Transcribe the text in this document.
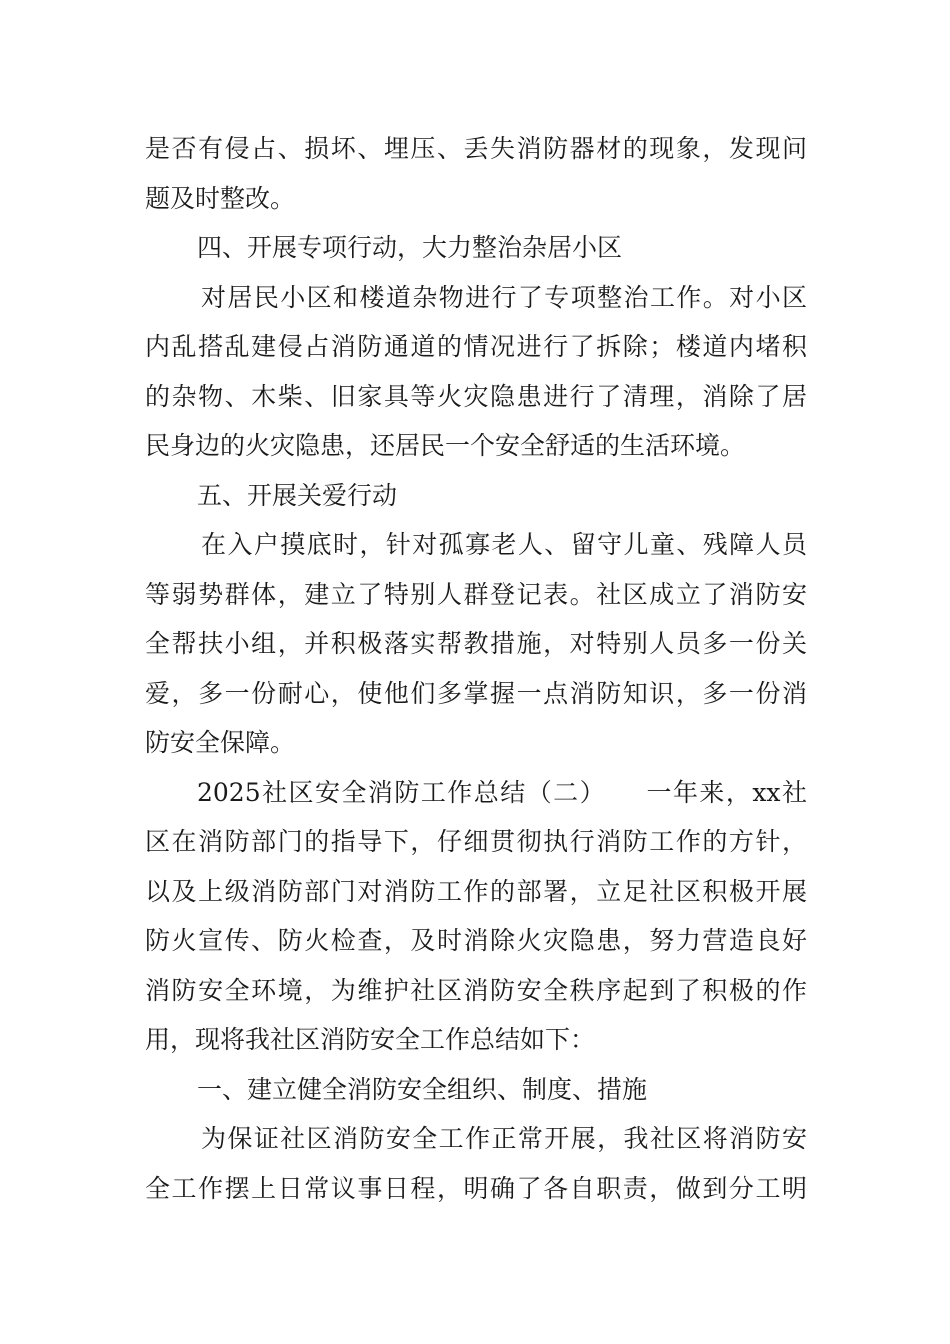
是否有侵占、损坏、埋压、丢失消防器材的现象，发现问
题及时整改。
四、开展专项行动，大力整治杂居小区
对居民小区和楼道杂物进行了专项整治工作。对小区
内乱搭乱建侵占消防通道的情况进行了拆除；楼道内堵积
的杂物、木柴、旧家具等火灾隐患进行了清理，消除了居
民身边的火灾隐患，还居民一个安全舒适的生活环境。
五、开展关爱行动
在入户摸底时，针对孤寡老人、留守儿童、残障人员
等弱势群体，建立了特别人群登记表。社区成立了消防安
全帮扶小组，并积极落实帮教措施，对特别人员多一份关
爱，多一份耐心，使他们多掌握一点消防知识，多一份消
防安全保障。
2025社区安全消防工作总结（二）　　一年来，xx社
区在消防部门的指导下，仔细贯彻执行消防工作的方针，
以及上级消防部门对消防工作的部署，立足社区积极开展
防火宣传、防火检查，及时消除火灾隐患，努力营造良好
消防安全环境，为维护社区消防安全秩序起到了积极的作
用，现将我社区消防安全工作总结如下：
一、建立健全消防安全组织、制度、措施
为保证社区消防安全工作正常开展，我社区将消防安
全工作摆上日常议事日程，明确了各自职责，做到分工明
